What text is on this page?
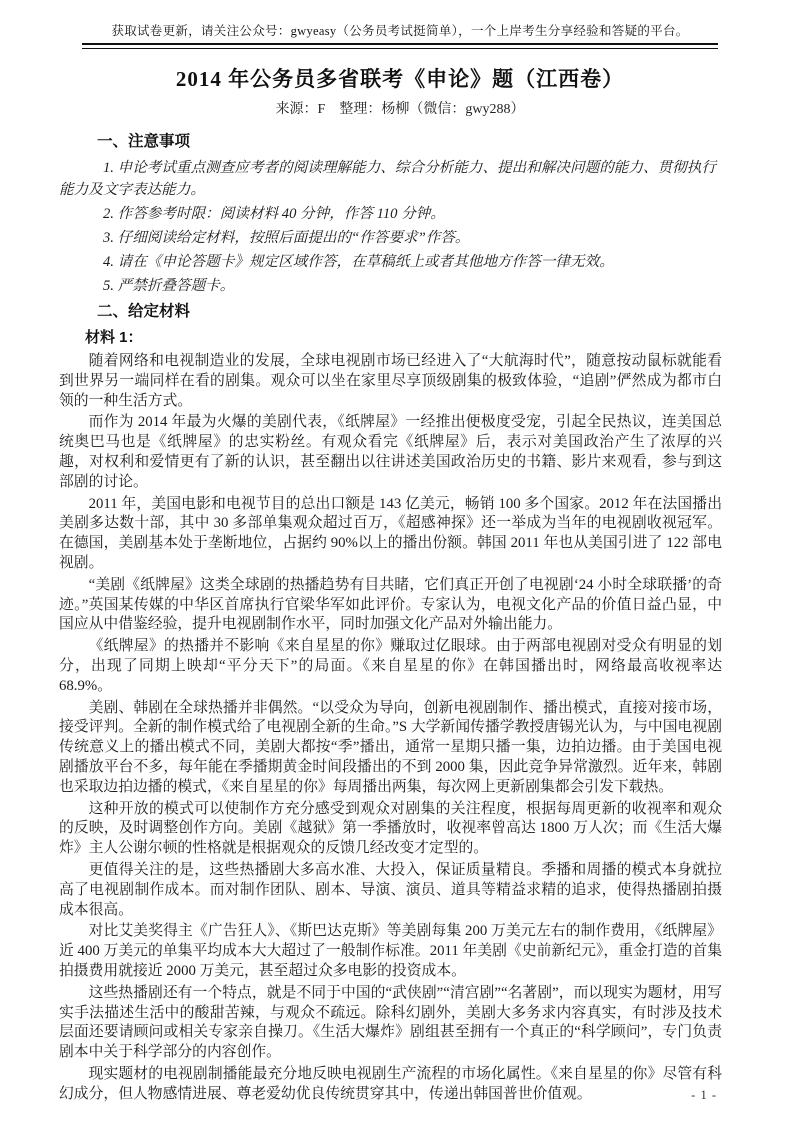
获取试卷更新，请关注公众号：gwyeasy（公务员考试挺简单），一个上岸考生分享经验和答疑的平台。
2014 年公务员多省联考《申论》题（江西卷）
来源：F　整理：杨柳（微信：gwy288）
一、注意事项

1. 申论考试重点测查应考者的阅读理解能力、综合分析能力、提出和解决问题的能力、贯彻执行能力及文字表达能力。

2. 作答参考时限：阅读材料 40 分钟，作答 110 分钟。

3. 仔细阅读给定材料，按照后面提出的“作答要求”作答。

4. 请在《申论答题卡》规定区域作答，在草稿纸上或者其他地方作答一律无效。

5. 严禁折叠答题卡。

二、给定材料
材料 1：

随着网络和电视制造业的发展，全球电视剧市场已经进入了“大航海时代”，随意按动鼠标就能看到世界另一端同样在看的剧集。观众可以坐在家里尽享顶级剧集的极致体验，“追剧”俨然成为都市白领的一种生活方式。

而作为 2014 年最为火爆的美剧代表，《纸牌屋》一经推出便极度受宠，引起全民热议，连美国总统奥巴马也是《纸牌屋》的忠实粉丝。有观众看完《纸牌屋》后，表示对美国政治产生了浓厚的兴趣，对权利和爱情更有了新的认识，甚至翻出以往讲述美国政治历史的书籍、影片来观看，参与到这部剧的讨论。

2011 年，美国电影和电视节目的总出口额是 143 亿美元，畅销 100 多个国家。2012 年在法国播出美剧多达数十部，其中 30 多部单集观众超过百万，《超感神探》还一举成为当年的电视剧收视冠军。在德国，美剧基本处于垄断地位，占据约 90%以上的播出份额。韩国 2011 年也从美国引进了 122 部电视剧。

“美剧《纸牌屋》这类全球剧的热播趋势有目共睹，它们真正开创了电视剧‘24 小时全球联播’的奇迹。”英国某传媒的中华区首席执行官梁华军如此评价。专家认为，电视文化产品的价值日益凸显，中国应从中借鉴经验，提升电视剧制作水平，同时加强文化产品对外输出能力。

《纸牌屋》的热播并不影响《来自星星的你》赚取过亿眼球。由于两部电视剧对受众有明显的划分，出现了同期上映却“平分天下”的局面。《来自星星的你》在韩国播出时，网络最高收视率达 68.9%。

美剧、韩剧在全球热播并非偶然。“以受众为导向，创新电视剧制作、播出模式，直接对接市场，接受评判。全新的制作模式给了电视剧全新的生命。”S 大学新闻传播学教授唐锡光认为，与中国电视剧传统意义上的播出模式不同，美剧大都按“季”播出，通常一星期只播一集，边拍边播。由于美国电视剧播放平台不多，每年能在季播期黄金时间段播出的不到 2000 集，因此竞争异常激烈。近年来，韩剧也采取边拍边播的模式，《来自星星的你》每周播出两集，每次网上更新剧集都会引发下载热。

这种开放的模式可以使制作方充分感受到观众对剧集的关注程度，根据每周更新的收视率和观众的反映，及时调整创作方向。美剧《越狱》第一季播放时，收视率曾高达 1800 万人次；而《生活大爆炸》主人公谢尔顿的性格就是根据观众的反馈几经改变才定型的。

更值得关注的是，这些热播剧大多高水准、大投入，保证质量精良。季播和周播的模式本身就拉高了电视剧制作成本。而对制作团队、剧本、导演、演员、道具等精益求精的追求，使得热播剧拍摄成本很高。

对比艾美奖得主《广告狂人》、《斯巴达克斯》等美剧每集 200 万美元左右的制作费用，《纸牌屋》近 400 万美元的单集平均成本大大超过了一般制作标准。2011 年美剧《史前新纪元》，重金打造的首集拍摄费用就接近 2000 万美元，甚至超过众多电影的投资成本。

这些热播剧还有一个特点，就是不同于中国的“武侠剧”“清宫剧”“名著剧”，而以现实为题材，用写实手法描述生活中的酸甜苦辣，与观众不疏远。除科幻剧外，美剧大多务求内容真实，有时涉及技术层面还要请顾问或相关专家亲自操刀。《生活大爆炸》剧组甚至拥有一个真正的“科学顾问”，专门负责剧本中关于科学部分的内容创作。

现实题材的电视剧制播能最充分地反映电视剧生产流程的市场化属性。《来自星星的你》尽管有科幻成分，但人物感情进展、尊老爱幼优良传统贯穿其中，传递出韩国普世价值观。	- 1 -
